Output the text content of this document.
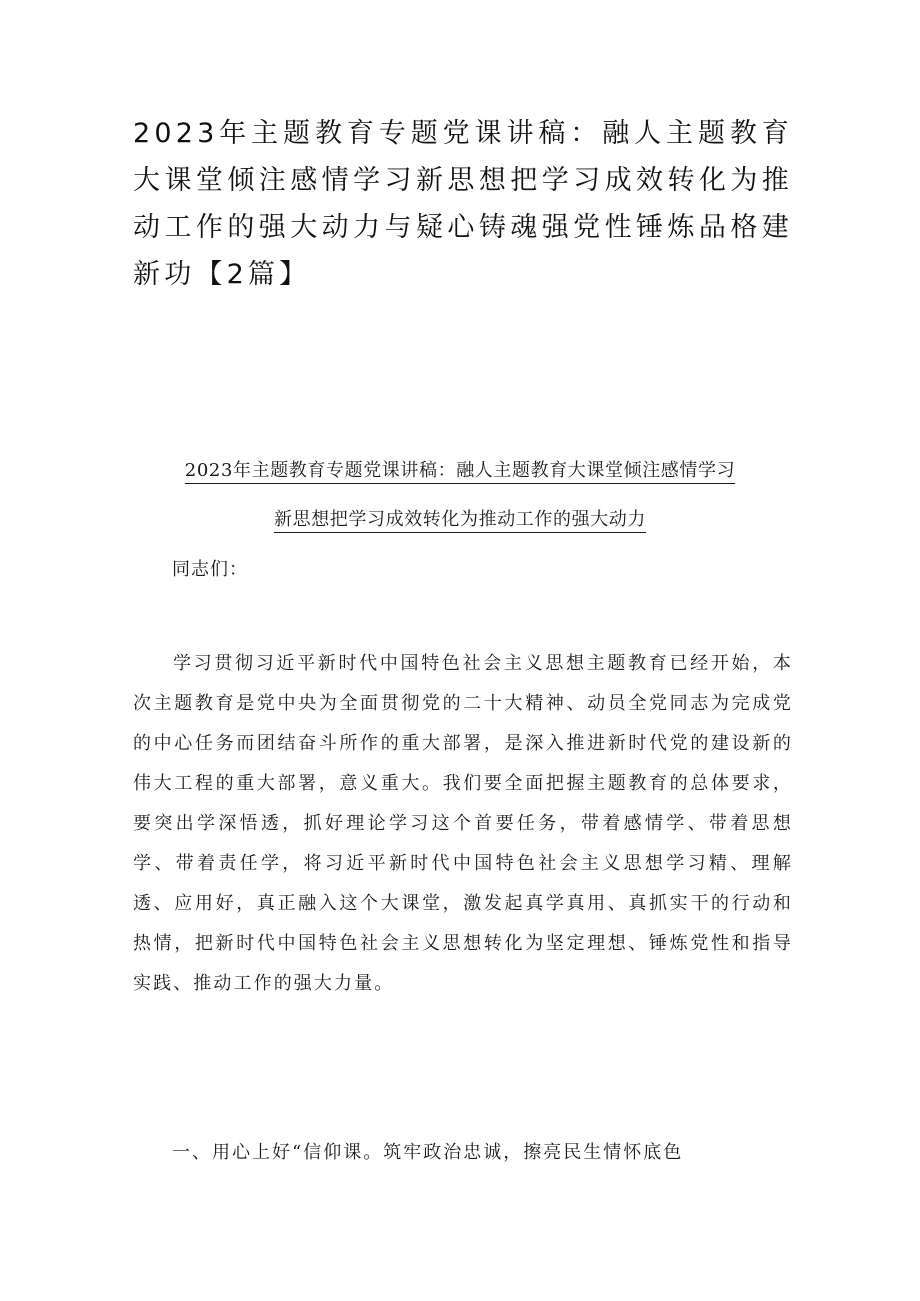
2023年主题教育专题党课讲稿：融人主题教育大课堂倾注感情学习新思想把学习成效转化为推动工作的强大动力与疑心铸魂强党性锤炼品格建新功【2篇】
2023年主题教育专题党课讲稿：融人主题教育大课堂倾注感情学习
新思想把学习成效转化为推动工作的强大动力
同志们：

学习贯彻习近平新时代中国特色社会主义思想主题教育已经开始，本次主题教育是党中央为全面贯彻党的二十大精神、动员全党同志为完成党的中心任务而团结奋斗所作的重大部署，是深入推进新时代党的建设新的伟大工程的重大部署，意义重大。我们要全面把握主题教育的总体要求，要突出学深悟透，抓好理论学习这个首要任务，带着感情学、带着思想学、带着责任学，将习近平新时代中国特色社会主义思想学习精、理解透、应用好，真正融入这个大课堂，激发起真学真用、真抓实干的行动和热情，把新时代中国特色社会主义思想转化为坚定理想、锤炼党性和指导实践、推动工作的强大力量。

一、用心上好“信仰课。筑牢政治忠诚，擦亮民生情怀底色
